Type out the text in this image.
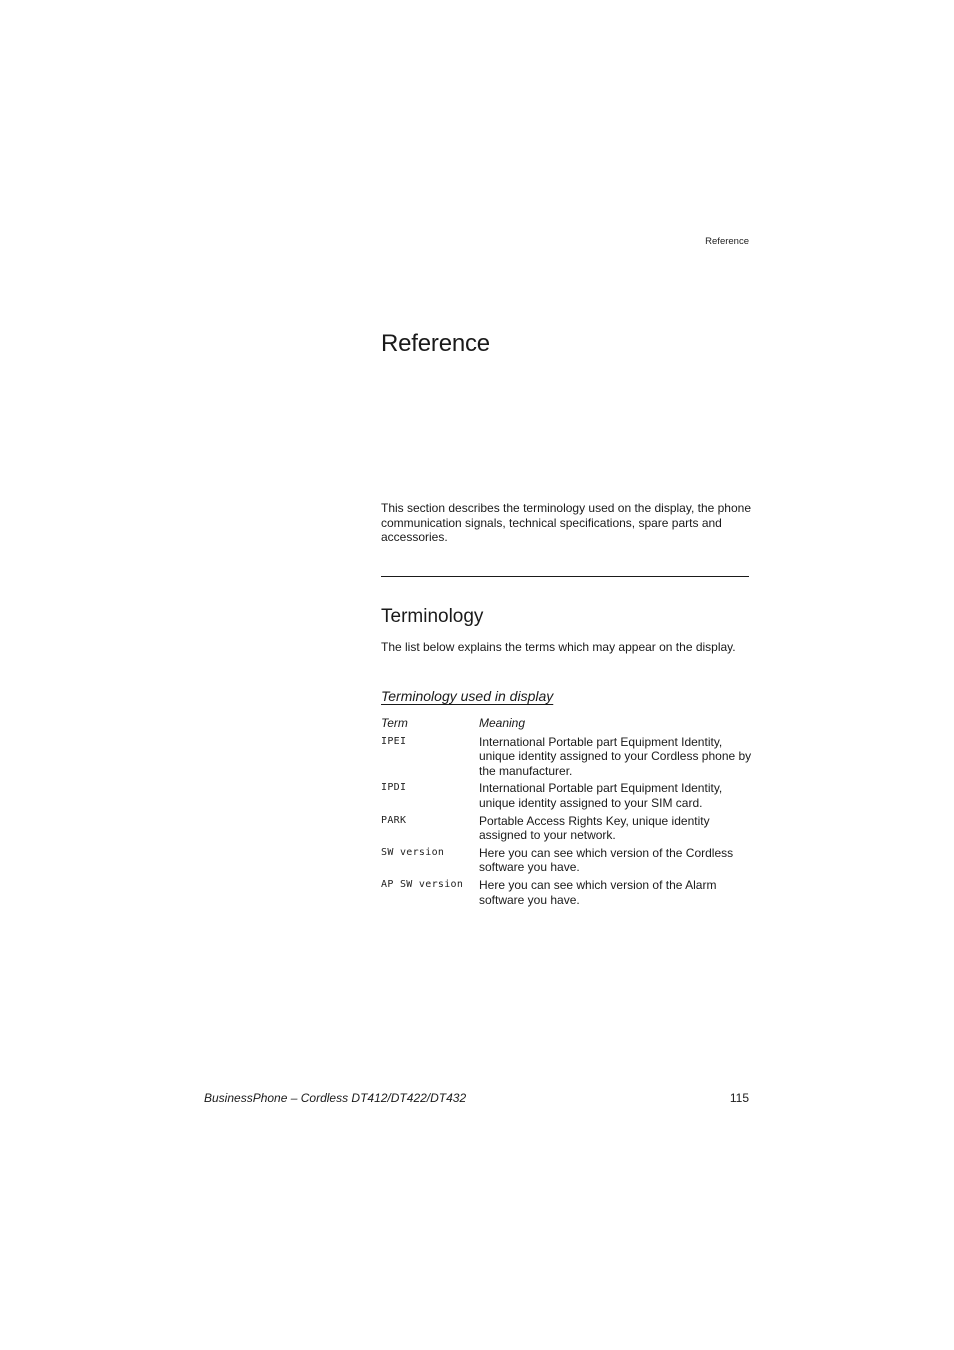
Reference
Reference

This section describes the terminology used on the display, the phone communication signals, technical specifications, spare parts and accessories.

Terminology

The list below explains the terms which may appear on the display.

Terminology used in display
Term	Meaning
IPEI	International Portable part Equipment Identity, unique identity assigned to your Cordless phone by the manufacturer.
IPDI	International Portable part Equipment Identity, unique identity assigned to your SIM card.
PARK	Portable Access Rights Key, unique identity assigned to your network.
SW version	Here you can see which version of the Cordless software you have.
AP SW version	Here you can see which version of the Alarm software you have.
BusinessPhone – Cordless DT412/DT422/DT432	115
